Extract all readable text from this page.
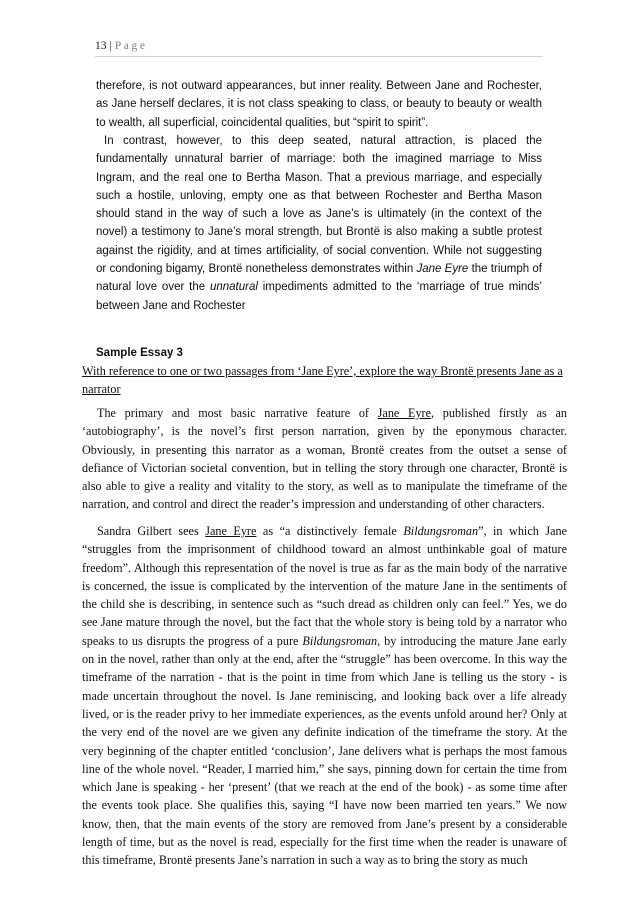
13 | Page

therefore, is not outward appearances, but inner reality. Between Jane and Rochester, as Jane herself declares, it is not class speaking to class, or beauty to beauty or wealth to wealth, all superficial, coincidental qualities, but “spirit to spirit”.

In contrast, however, to this deep seated, natural attraction, is placed the fundamentally unnatural barrier of marriage: both the imagined marriage to Miss Ingram, and the real one to Bertha Mason. That a previous marriage, and especially such a hostile, unloving, empty one as that between Rochester and Bertha Mason should stand in the way of such a love as Jane’s is ultimately (in the context of the novel) a testimony to Jane’s moral strength, but Brontë is also making a subtle protest against the rigidity, and at times artificiality, of social convention. While not suggesting or condoning bigamy, Brontë nonetheless demonstrates within Jane Eyre the triumph of natural love over the unnatural impediments admitted to the ‘marriage of true minds’ between Jane and Rochester

Sample Essay 3
With reference to one or two passages from ‘Jane Eyre’, explore the way Brontë presents Jane as a narrator

The primary and most basic narrative feature of Jane Eyre, published firstly as an ‘autobiography’, is the novel’s first person narration, given by the eponymous character. Obviously, in presenting this narrator as a woman, Brontë creates from the outset a sense of defiance of Victorian societal convention, but in telling the story through one character, Brontë is also able to give a reality and vitality to the story, as well as to manipulate the timeframe of the narration, and control and direct the reader’s impression and understanding of other characters.

Sandra Gilbert sees Jane Eyre as “a distinctively female Bildungsroman”, in which Jane “struggles from the imprisonment of childhood toward an almost unthinkable goal of mature freedom”. Although this representation of the novel is true as far as the main body of the narrative is concerned, the issue is complicated by the intervention of the mature Jane in the sentiments of the child she is describing, in sentence such as “such dread as children only can feel.” Yes, we do see Jane mature through the novel, but the fact that the whole story is being told by a narrator who speaks to us disrupts the progress of a pure Bildungsroman, by introducing the mature Jane early on in the novel, rather than only at the end, after the “struggle” has been overcome. In this way the timeframe of the narration - that is the point in time from which Jane is telling us the story - is made uncertain throughout the novel. Is Jane reminiscing, and looking back over a life already lived, or is the reader privy to her immediate experiences, as the events unfold around her? Only at the very end of the novel are we given any definite indication of the timeframe the story. At the very beginning of the chapter entitled ‘conclusion’, Jane delivers what is perhaps the most famous line of the whole novel. “Reader, I married him,” she says, pinning down for certain the time from which Jane is speaking - her ‘present’ (that we reach at the end of the book) - as some time after the events took place. She qualifies this, saying “I have now been married ten years.” We now know, then, that the main events of the story are removed from Jane’s present by a considerable length of time, but as the novel is read, especially for the first time when the reader is unaware of this timeframe, Brontë presents Jane’s narration in such a way as to bring the story as much
